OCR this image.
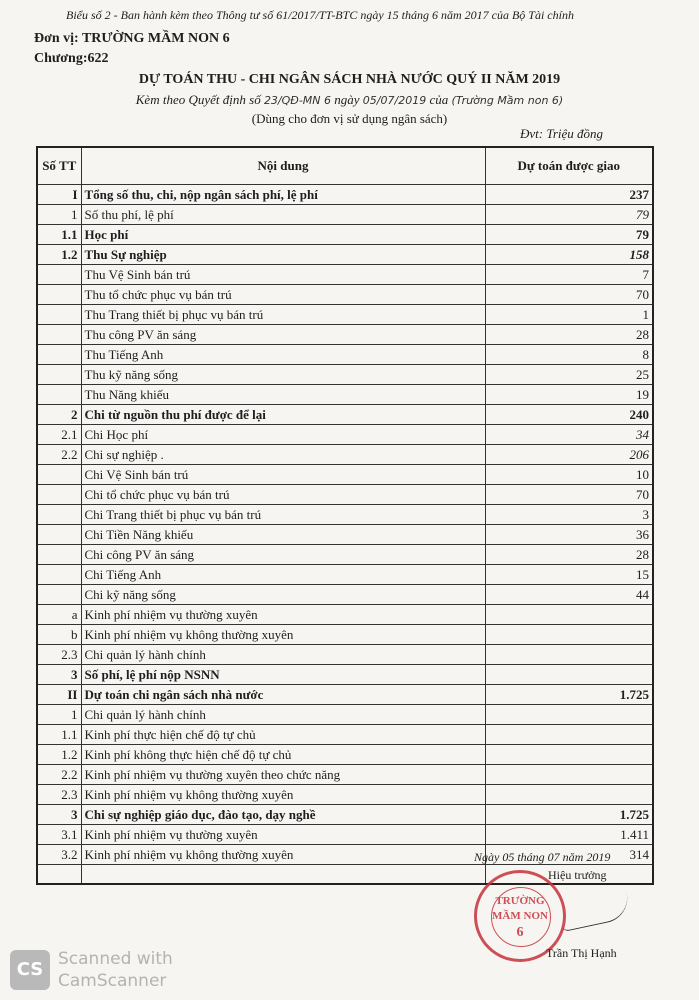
Biểu số 2 - Ban hành kèm theo Thông tư số 61/2017/TT-BTC ngày 15 tháng 6 năm 2017 của Bộ Tài chính
Đơn vị: TRƯỜNG MẦM NON 6
Chương:622
DỰ TOÁN THU - CHI NGÂN SÁCH NHÀ NƯỚC QUÝ II NĂM 2019
Kèm theo Quyết định số 23/QĐ-MN 6 ngày 05/07/2019 của (Trường Mầm non 6)
(Dùng cho đơn vị sử dụng ngân sách)
Đvt: Triệu đồng
Số TT	Nội dung	Dự toán được giao
I	Tổng số thu, chi, nộp ngân sách phí, lệ phí	237
1	Số thu phí, lệ phí	79
1.1	Học phí	79
1.2	Thu Sự nghiệp	158
	Thu Vệ Sinh bán trú	7
	Thu tổ chức phục vụ bán trú	70
	Thu Trang thiết bị phục vụ bán trú	1
	Thu công PV ăn sáng	28
	Thu Tiếng Anh	8
	Thu kỹ năng sống	25
	Thu Năng khiếu	19
2	Chi từ nguồn thu phí được để lại	240
2.1	Chi Học phí	34
2.2	Chi sự nghiệp .	206
	Chi Vệ Sinh bán trú	10
	Chi tổ chức phục vụ bán trú	70
	Chi Trang thiết bị phục vụ bán trú	3
	Chi Tiền Năng khiếu	36
	Chi công PV ăn sáng	28
	Chi Tiếng Anh	15
	Chi kỹ năng sống	44
a	Kinh phí nhiệm vụ thường xuyên	
b	Kinh phí nhiệm vụ không thường xuyên	
2.3	Chi quản lý hành chính	
3	Số phí, lệ phí nộp NSNN	
II	Dự toán chi ngân sách nhà nước	1.725
1	Chi quản lý hành chính	
1.1	Kinh phí thực hiện chế độ tự chủ	
1.2	Kinh phí không thực hiện chế độ tự chủ	
2.2	Kinh phí nhiệm vụ thường xuyên theo chức năng	
2.3	Kinh phí nhiệm vụ không thường xuyên	
3	Chi sự nghiệp giáo dục, đào tạo, dạy nghề	1.725
3.1	Kinh phí nhiệm vụ thường xuyên	1.411
3.2	Kinh phí nhiệm vụ không thường xuyên	314

Ngày 05 tháng 07 năm 2019
Hiệu trưởng
TRƯỜNG
MẦM NON
6
Trần Thị Hạnh
CS Scanned with
CamScanner
